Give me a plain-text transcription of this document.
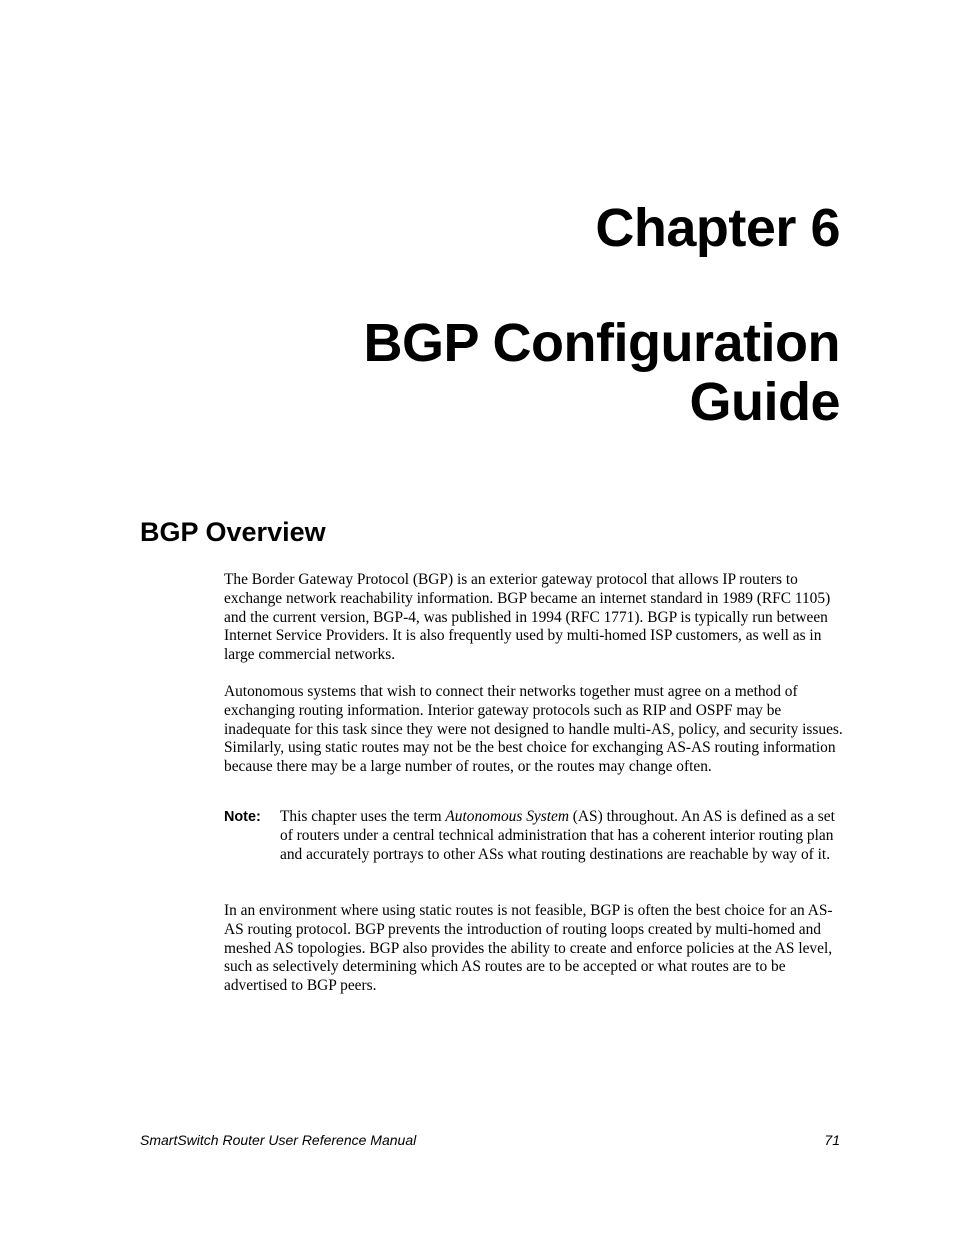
Chapter 6
BGP Configuration
Guide
BGP Overview

The Border Gateway Protocol (BGP) is an exterior gateway protocol that allows IP routers to exchange network reachability information. BGP became an internet standard in 1989 (RFC 1105) and the current version, BGP-4, was published in 1994 (RFC 1771). BGP is typically run between Internet Service Providers. It is also frequently used by multi-homed ISP customers, as well as in large commercial networks.

Autonomous systems that wish to connect their networks together must agree on a method of exchanging routing information. Interior gateway protocols such as RIP and OSPF may be inadequate for this task since they were not designed to handle multi-AS, policy, and security issues. Similarly, using static routes may not be the best choice for exchanging AS-AS routing information because there may be a large number of routes, or the routes may change often.

Note:	This chapter uses the term Autonomous System (AS) throughout. An AS is defined as a set of routers under a central technical administration that has a coherent interior routing plan and accurately portrays to other ASs what routing destinations are reachable by way of it.

In an environment where using static routes is not feasible, BGP is often the best choice for an AS-AS routing protocol. BGP prevents the introduction of routing loops created by multi-homed and meshed AS topologies. BGP also provides the ability to create and enforce policies at the AS level, such as selectively determining which AS routes are to be accepted or what routes are to be advertised to BGP peers.

SmartSwitch Router User Reference Manual	71
